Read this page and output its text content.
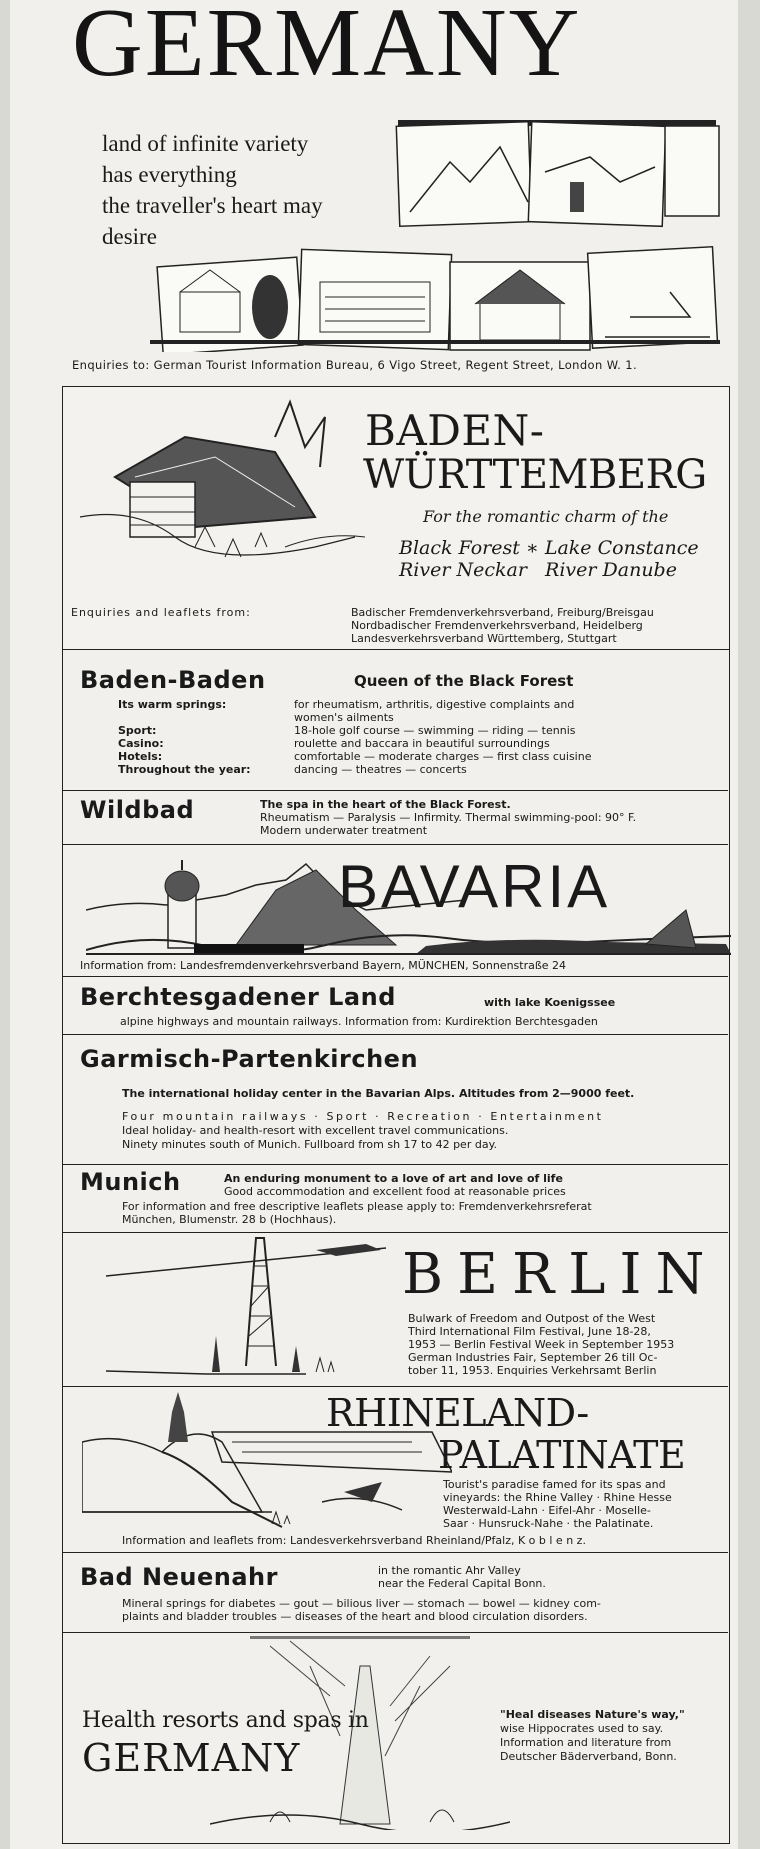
GERMANY
land of infinite variety
has everything
the traveller's heart may
desire
Enquiries to: German Tourist Information Bureau, 6 Vigo Street, Regent Street, London W. 1.
BADEN-
WÜRTTEMBERG
For the romantic charm of the
Black Forest ∗ Lake Constance
River Neckar   River Danube
Enquiries and leaflets from:	Badischer Fremdenverkehrsverband, Freiburg/Breisgau
Nordbadischer Fremdenverkehrsverband, Heidelberg
Landesverkehrsverband Württemberg, Stuttgart
Baden-Baden	Queen of the Black Forest
Its warm springs:	for rheumatism, arthritis, digestive complaints and
women's ailments
Sport:	18-hole golf course — swimming — riding — tennis
Casino:	roulette and baccara in beautiful surroundings
Hotels:	comfortable — moderate charges — first class cuisine
Throughout the year:	dancing — theatres — concerts
Wildbad	The spa in the heart of the Black Forest.
Rheumatism — Paralysis — Infirmity. Thermal swimming-pool: 90° F.
Modern underwater treatment
BAVARIA
Information from: Landesfremdenverkehrsverband Bayern, MÜNCHEN, Sonnenstraße 24
Berchtesgadener Land	with lake Koenigssee
alpine highways and mountain railways. Information from: Kurdirektion Berchtesgaden
Garmisch-Partenkirchen
The international holiday center in the Bavarian Alps. Altitudes from 2—9000 feet.
Four mountain railways · Sport · Recreation · Entertainment
Ideal holiday- and health-resort with excellent travel communications.
Ninety minutes south of Munich. Fullboard from sh 17 to 42 per day.
Munich	An enduring monument to a love of art and love of life
Good accommodation and excellent food at reasonable prices
For information and free descriptive leaflets please apply to: Fremdenverkehrsreferat
München, Blumenstr. 28 b (Hochhaus).
BERLIN
Bulwark of Freedom and Outpost of the West
Third International Film Festival, June 18-28,
1953 — Berlin Festival Week in September 1953
German Industries Fair, September 26 till Oc-
tober 11, 1953. Enquiries Verkehrsamt Berlin
RHINELAND-
PALATINATE
Tourist's paradise famed for its spas and
vineyards: the Rhine Valley · Rhine Hesse
Westerwald-Lahn · Eifel-Ahr · Moselle-
Saar · Hunsruck-Nahe · the Palatinate.
Information and leaflets from: Landesverkehrsverband Rheinland/Pfalz, K o b l e n z.
Bad Neuenahr	in the romantic Ahr Valley
near the Federal Capital Bonn.
Mineral springs for diabetes — gout — bilious liver — stomach — bowel — kidney com-
plaints and bladder troubles — diseases of the heart and blood circulation disorders.
Health resorts and spas in
GERMANY
"Heal diseases Nature's way,"
wise Hippocrates used to say.
Information and literature from
Deutscher Bäderverband, Bonn.
